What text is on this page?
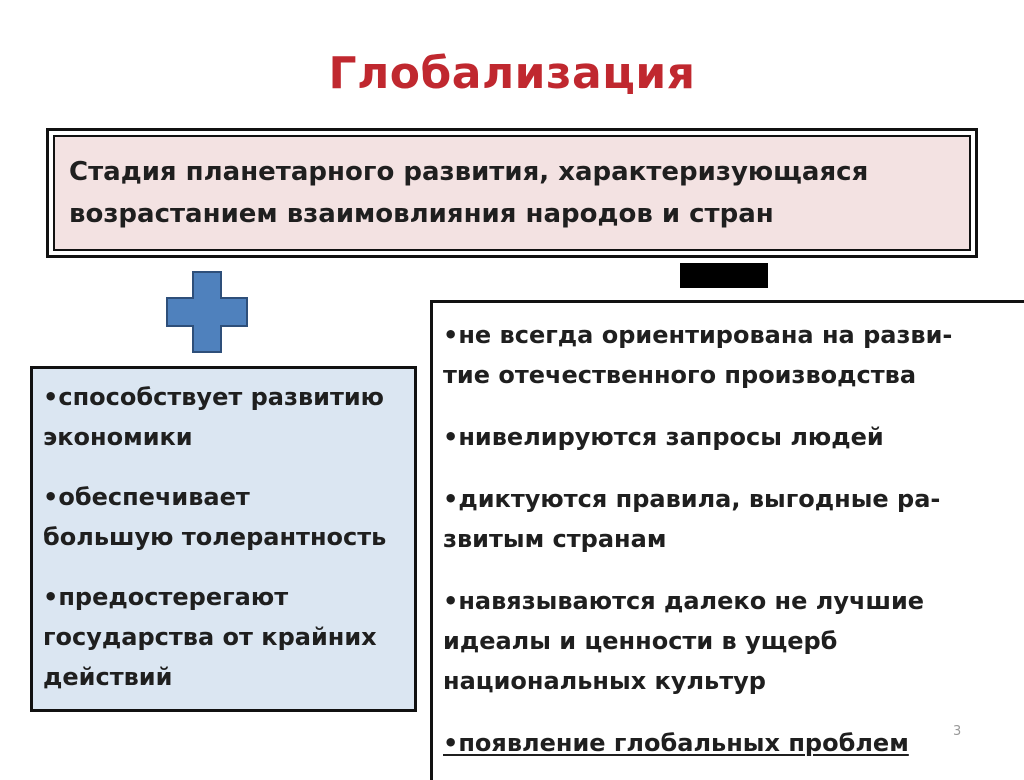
Глобализация
Стадия планетарного развития, характеризующаяся
возрастанием взаимовлияния народов и стран
•способствует развитию
экономики
•обеспечивает
большую толерантность
•предостерегают
государства от крайних
действий
•не всегда ориентирована на разви-
тие отечественного производства
•нивелируются запросы людей
•диктуются правила, выгодные ра-
звитым странам
•навязываются далеко не лучшие
идеалы и ценности в ущерб
национальных культур
•появление глобальных проблем	3
